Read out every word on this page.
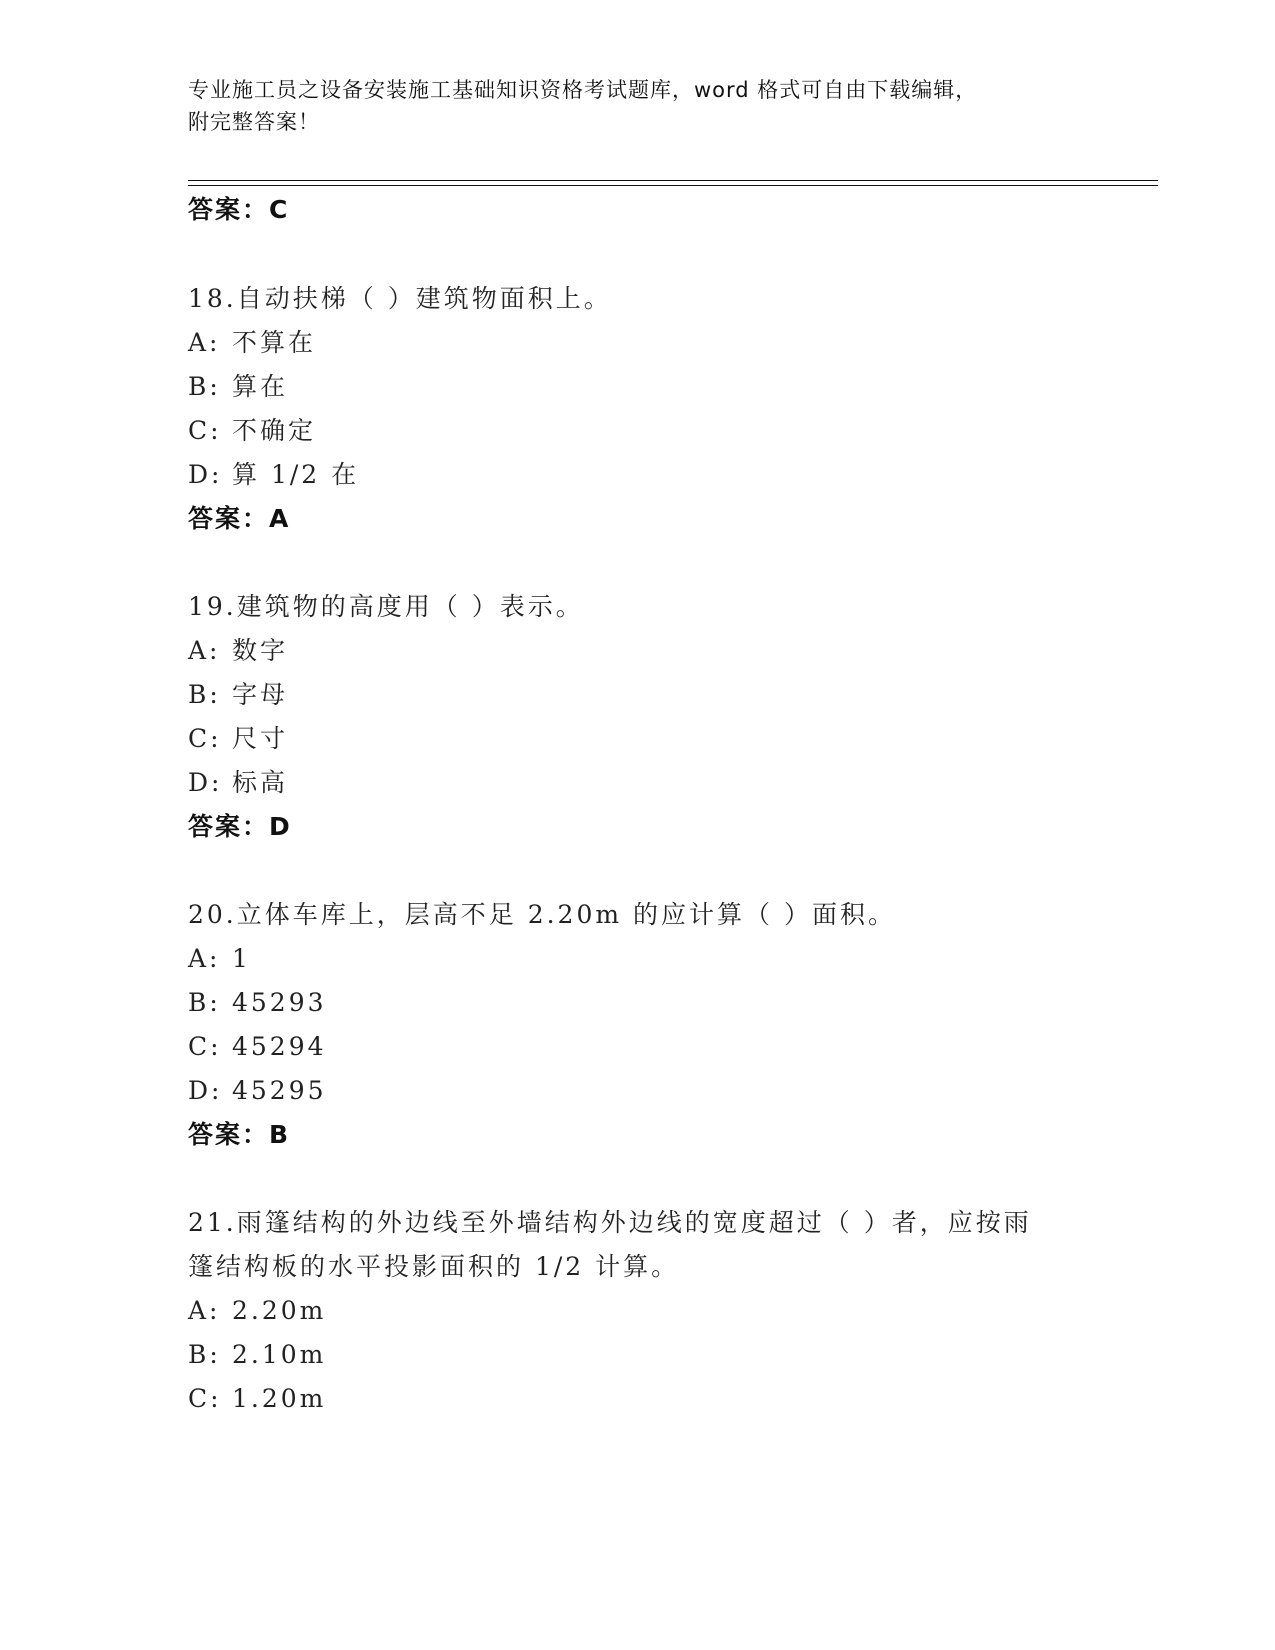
专业施工员之设备安装施工基础知识资格考试题库，word 格式可自由下载编辑，
附完整答案！
答案：C
18.自动扶梯（ ）建筑物面积上。
A: 不算在
B: 算在
C: 不确定
D: 算 1/2 在
答案：A
19.建筑物的高度用（ ）表示。
A: 数字
B: 字母
C: 尺寸
D: 标高
答案：D
20.立体车库上，层高不足 2.20m 的应计算（ ）面积。
A: 1
B: 45293
C: 45294
D: 45295
答案：B
21.雨篷结构的外边线至外墙结构外边线的宽度超过（ ）者，应按雨
篷结构板的水平投影面积的 1/2 计算。
A: 2.20m
B: 2.10m
C: 1.20m
